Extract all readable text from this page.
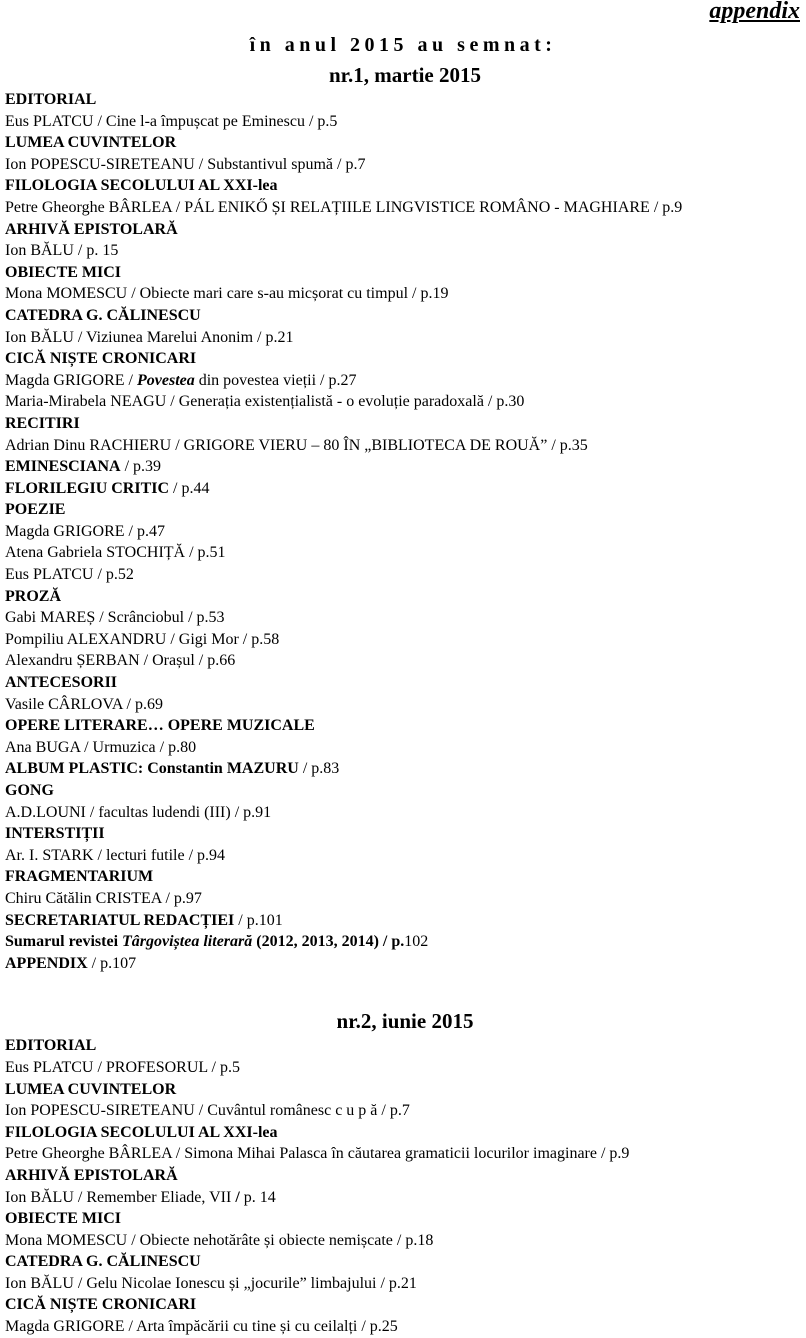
appendix
în anul 2015 au semnat:
nr.1, martie 2015
EDITORIAL
Eus PLATCU / Cine l-a împușcat pe Eminescu / p.5
LUMEA CUVINTELOR
Ion POPESCU-SIRETEANU / Substantivul spumă / p.7
FILOLOGIA SECOLULUI AL XXI-lea
Petre Gheorghe BÂRLEA / PÁL ENIKŐ ȘI RELAȚIILE LINGVISTICE ROMÂNO - MAGHIARE / p.9
ARHIVĂ EPISTOLARĂ
Ion BĂLU / p. 15
OBIECTE MICI
Mona MOMESCU / Obiecte mari care s-au micșorat cu timpul / p.19
CATEDRA G. CĂLINESCU
Ion BĂLU / Viziunea Marelui Anonim / p.21
CICĂ NIȘTE CRONICARI
Magda GRIGORE / Povestea din povestea vieții / p.27
Maria-Mirabela NEAGU / Generația existențialistă - o evoluție paradoxală / p.30
RECITIRI
Adrian Dinu RACHIERU / GRIGORE VIERU – 80 ÎN „BIBLIOTECA DE ROUĂ” / p.35
EMINESCIANA / p.39
FLORILEGIU CRITIC / p.44
POEZIE
Magda GRIGORE / p.47
Atena Gabriela STOCHIȚĂ / p.51
Eus PLATCU / p.52
PROZĂ
Gabi MAREȘ / Scrânciobul / p.53
Pompiliu ALEXANDRU / Gigi Mor / p.58
Alexandru ȘERBAN / Orașul / p.66
ANTECESORII
Vasile CÂRLOVA / p.69
OPERE LITERARE… OPERE MUZICALE
Ana BUGA / Urmuzica / p.80
ALBUM PLASTIC: Constantin MAZURU / p.83
GONG
A.D.LOUNI / facultas ludendi (III) / p.91
INTERSTIȚII
Ar. I. STARK / lecturi futile / p.94
FRAGMENTARIUM
Chiru Cătălin CRISTEA / p.97
SECRETARIATUL REDACȚIEI / p.101
Sumarul revistei Târgoviștea literară (2012, 2013, 2014) / p.102
APPENDIX / p.107
nr.2, iunie 2015
EDITORIAL
Eus PLATCU / PROFESORUL / p.5
LUMEA CUVINTELOR
Ion POPESCU-SIRETEANU / Cuvântul românesc c u p ă / p.7
FILOLOGIA SECOLULUI AL XXI-lea
Petre Gheorghe BÂRLEA / Simona Mihai Palasca în căutarea gramaticii locurilor imaginare / p.9
ARHIVĂ EPISTOLARĂ
Ion BĂLU / Remember Eliade, VII / p. 14
OBIECTE MICI
Mona MOMESCU / Obiecte nehotărâte și obiecte nemișcate / p.18
CATEDRA G. CĂLINESCU
Ion BĂLU / Gelu Nicolae Ionescu și „jocurile” limbajului / p.21
CICĂ NIȘTE CRONICARI
Magda GRIGORE / Arta împăcării cu tine și cu ceilalți / p.25
